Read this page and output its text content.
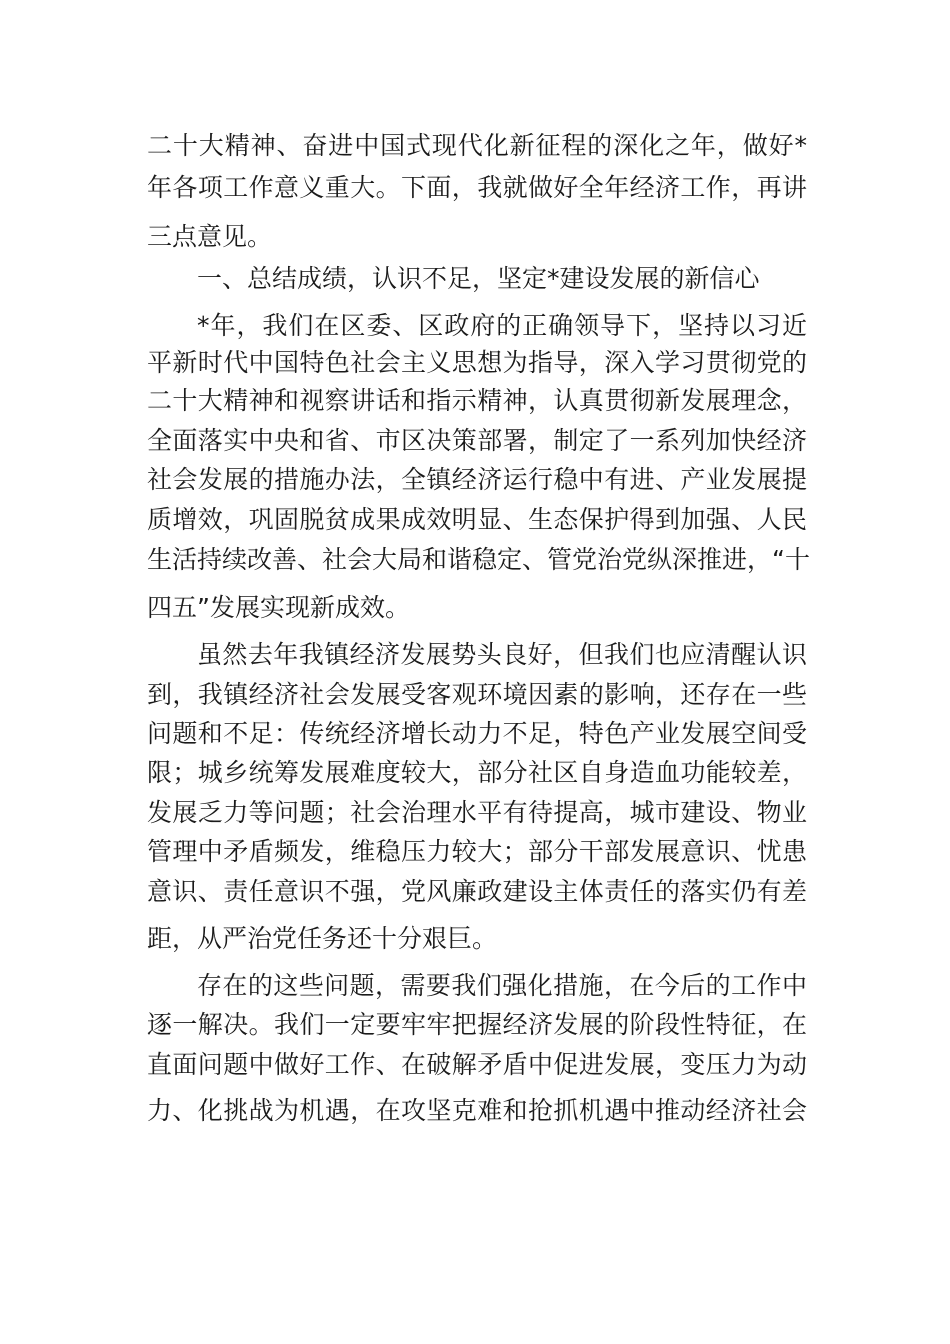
二十大精神、奋进中国式现代化新征程的深化之年，做好*
年各项工作意义重大。下面，我就做好全年经济工作，再讲
三点意见。
一、总结成绩，认识不足，坚定*建设发展的新信心
*年，我们在区委、区政府的正确领导下，坚持以习近
平新时代中国特色社会主义思想为指导，深入学习贯彻党的
二十大精神和视察讲话和指示精神，认真贯彻新发展理念，
全面落实中央和省、市区决策部署，制定了一系列加快经济
社会发展的措施办法，全镇经济运行稳中有进、产业发展提
质增效，巩固脱贫成果成效明显、生态保护得到加强、人民
生活持续改善、社会大局和谐稳定、管党治党纵深推进，“十
四五”发展实现新成效。
虽然去年我镇经济发展势头良好，但我们也应清醒认识
到，我镇经济社会发展受客观环境因素的影响，还存在一些
问题和不足：传统经济增长动力不足，特色产业发展空间受
限；城乡统筹发展难度较大，部分社区自身造血功能较差，
发展乏力等问题；社会治理水平有待提高，城市建设、物业
管理中矛盾频发，维稳压力较大；部分干部发展意识、忧患
意识、责任意识不强，党风廉政建设主体责任的落实仍有差
距，从严治党任务还十分艰巨。
存在的这些问题，需要我们强化措施，在今后的工作中
逐一解决。我们一定要牢牢把握经济发展的阶段性特征，在
直面问题中做好工作、在破解矛盾中促进发展，变压力为动
力、化挑战为机遇，在攻坚克难和抢抓机遇中推动经济社会
